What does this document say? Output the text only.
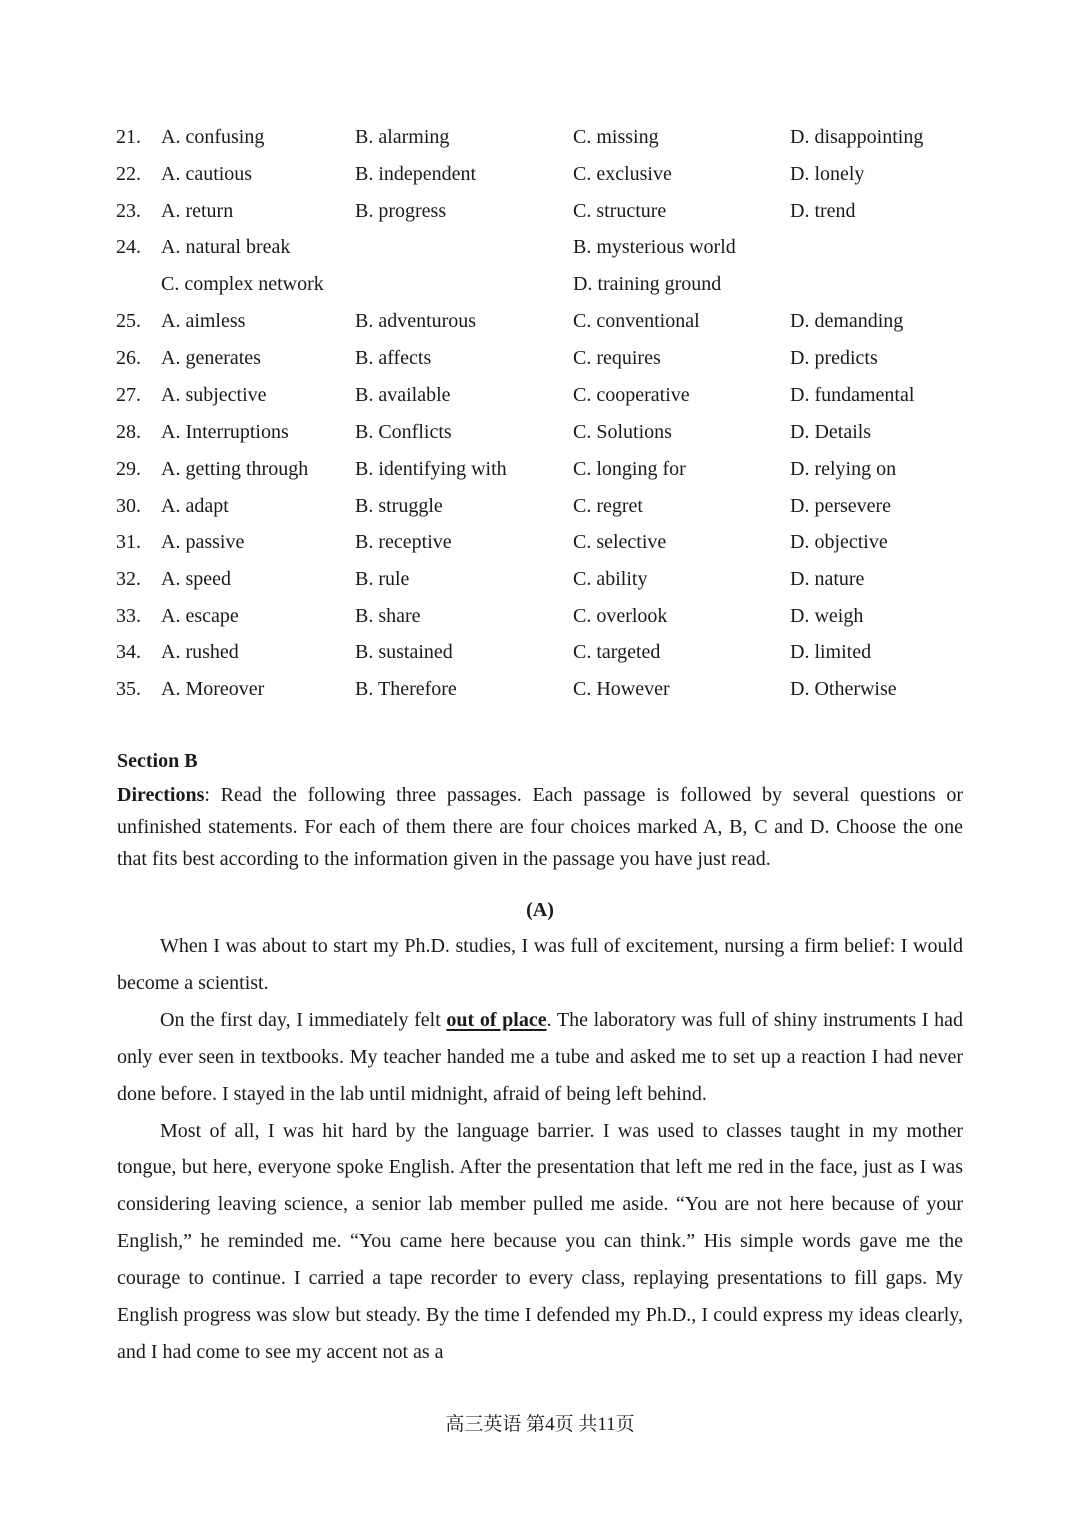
21. A. confusing	B. alarming	C. missing	D. disappointing
22. A. cautious	B. independent	C. exclusive	D. lonely
23. A. return	B. progress	C. structure	D. trend
24. A. natural break	B. mysterious world
C. complex network	D. training ground
25. A. aimless	B. adventurous	C. conventional	D. demanding
26. A. generates	B. affects	C. requires	D. predicts
27. A. subjective	B. available	C. cooperative	D. fundamental
28. A. Interruptions	B. Conflicts	C. Solutions	D. Details
29. A. getting through B. identifying with	C. longing for	D. relying on
30. A. adapt	B. struggle	C. regret	D. persevere
31. A. passive	B. receptive	C. selective	D. objective
32. A. speed	B. rule	C. ability	D. nature
33. A. escape	B. share	C. overlook	D. weigh
34. A. rushed	B. sustained	C. targeted	D. limited
35. A. Moreover	B. Therefore	C. However	D. Otherwise
Section B
Directions: Read the following three passages. Each passage is followed by several questions or unfinished statements. For each of them there are four choices marked A, B, C and D. Choose the one that fits best according to the information given in the passage you have just read.
(A)

When I was about to start my Ph.D. studies, I was full of excitement, nursing a firm belief: I would become a scientist.

On the first day, I immediately felt out of place. The laboratory was full of shiny instruments I had only ever seen in textbooks. My teacher handed me a tube and asked me to set up a reaction I had never done before. I stayed in the lab until midnight, afraid of being left behind.

Most of all, I was hit hard by the language barrier. I was used to classes taught in my mother tongue, but here, everyone spoke English. After the presentation that left me red in the face, just as I was considering leaving science, a senior lab member pulled me aside. “You are not here because of your English,” he reminded me. “You came here because you can think.” His simple words gave me the courage to continue. I carried a tape recorder to every class, replaying presentations to fill gaps. My English progress was slow but steady. By the time I defended my Ph.D., I could express my ideas clearly, and I had come to see my accent not as a

高三英语 第4页 共11页
